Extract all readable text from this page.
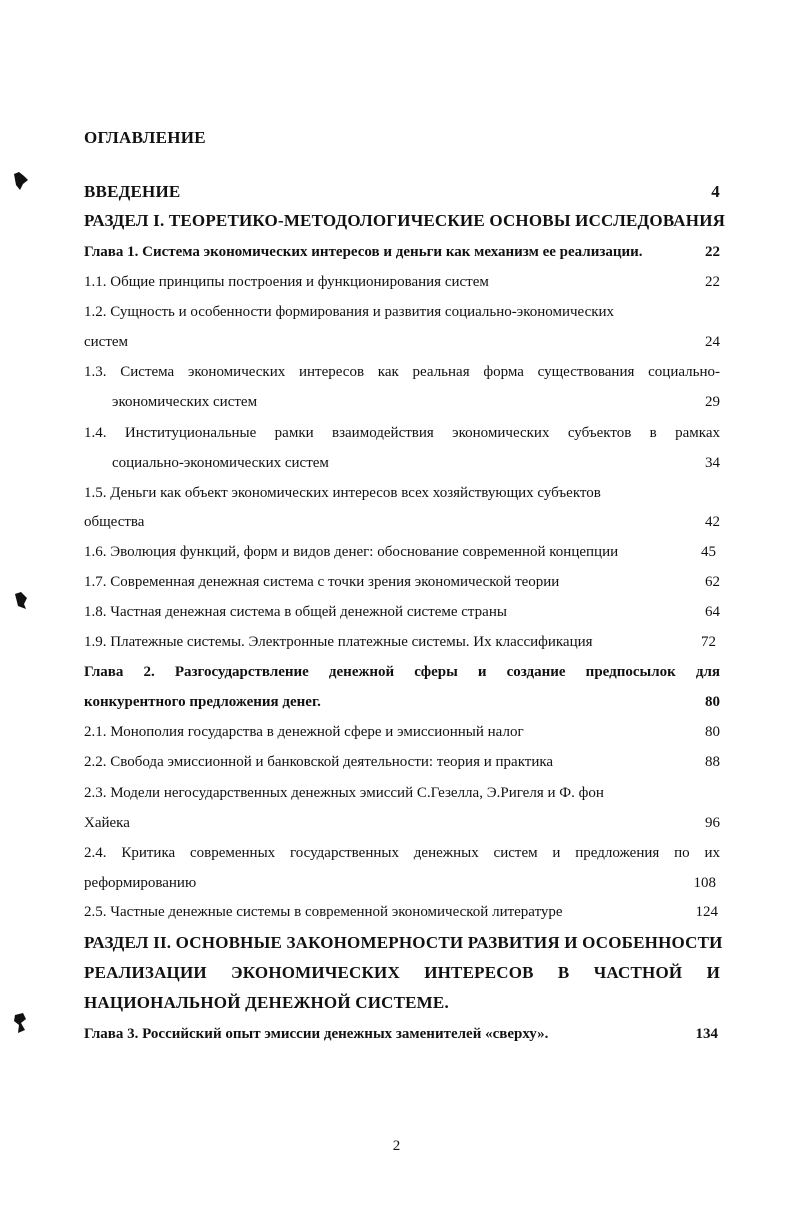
ОГЛАВЛЕНИЕ
ВВЕДЕНИЕ	4
РАЗДЕЛ I. ТЕОРЕТИКО-МЕТОДОЛОГИЧЕСКИЕ ОСНОВЫ ИССЛЕДОВАНИЯ
Глава 1. Система экономических интересов и деньги как механизм ее реализации.	22
1.1. Общие принципы построения и функционирования систем	22
1.2. Сущность и особенности формирования и развития социально-экономических
систем	24
1.3. Система экономических интересов как реальная форма существования социально-
экономических систем	29
1.4. Институциональные рамки взаимодействия экономических субъектов в рамках
социально-экономических систем	34
1.5. Деньги как объект экономических интересов всех хозяйствующих субъектов
общества	42
1.6. Эволюция функций, форм и видов денег: обоснование современной концепции	45
1.7. Современная денежная система с точки зрения экономической теории	62
1.8. Частная денежная система в общей денежной системе страны	64
1.9. Платежные системы. Электронные платежные системы. Их классификация	72
Глава 2. Разгосударствление денежной сферы и создание предпосылок для
конкурентного предложения денег.	80
2.1. Монополия государства в денежной сфере и эмиссионный налог	80
2.2. Свобода эмиссионной и банковской деятельности: теория и практика	88
2.3. Модели негосударственных денежных эмиссий С.Гезелла, Э.Ригеля и Ф. фон
Хайека	96
2.4. Критика современных государственных денежных систем и предложения по их
реформированию	108
2.5. Частные денежные системы в современной экономической литературе	124
РАЗДЕЛ II. ОСНОВНЫЕ ЗАКОНОМЕРНОСТИ РАЗВИТИЯ И ОСОБЕННОСТИ
РЕАЛИЗАЦИИ ЭКОНОМИЧЕСКИХ ИНТЕРЕСОВ В ЧАСТНОЙ И
НАЦИОНАЛЬНОЙ ДЕНЕЖНОЙ СИСТЕМЕ.
Глава 3. Российский опыт эмиссии денежных заменителей «сверху».	134
2
